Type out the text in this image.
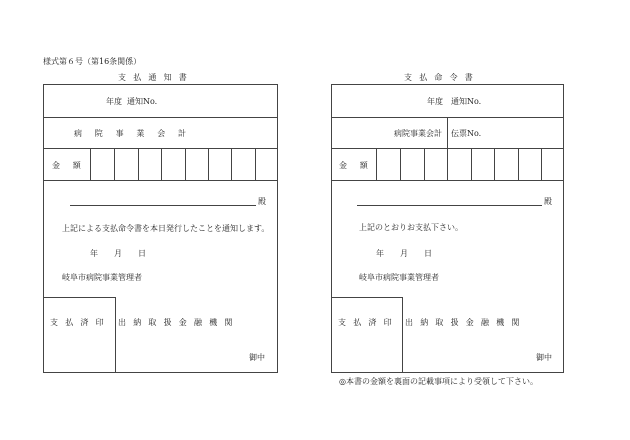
様式第６号（第16条関係）
支払通知書
年度 通知No.
病院事業会計
金額
殿
上記による支払命令書を本日発行したことを通知します。
年　　月　　日
岐阜市病院事業管理者
支払済印 出納取扱金融機関
御中
支払命令書
年度 通知No.
病院事業会計 伝票No.
金額
殿
上記のとおりお支払下さい。
年　　月　　日
岐阜市病院事業管理者
支払済印 出納取扱金融機関
御中
◎本書の金額を裏面の記載事項により受領して下さい。
